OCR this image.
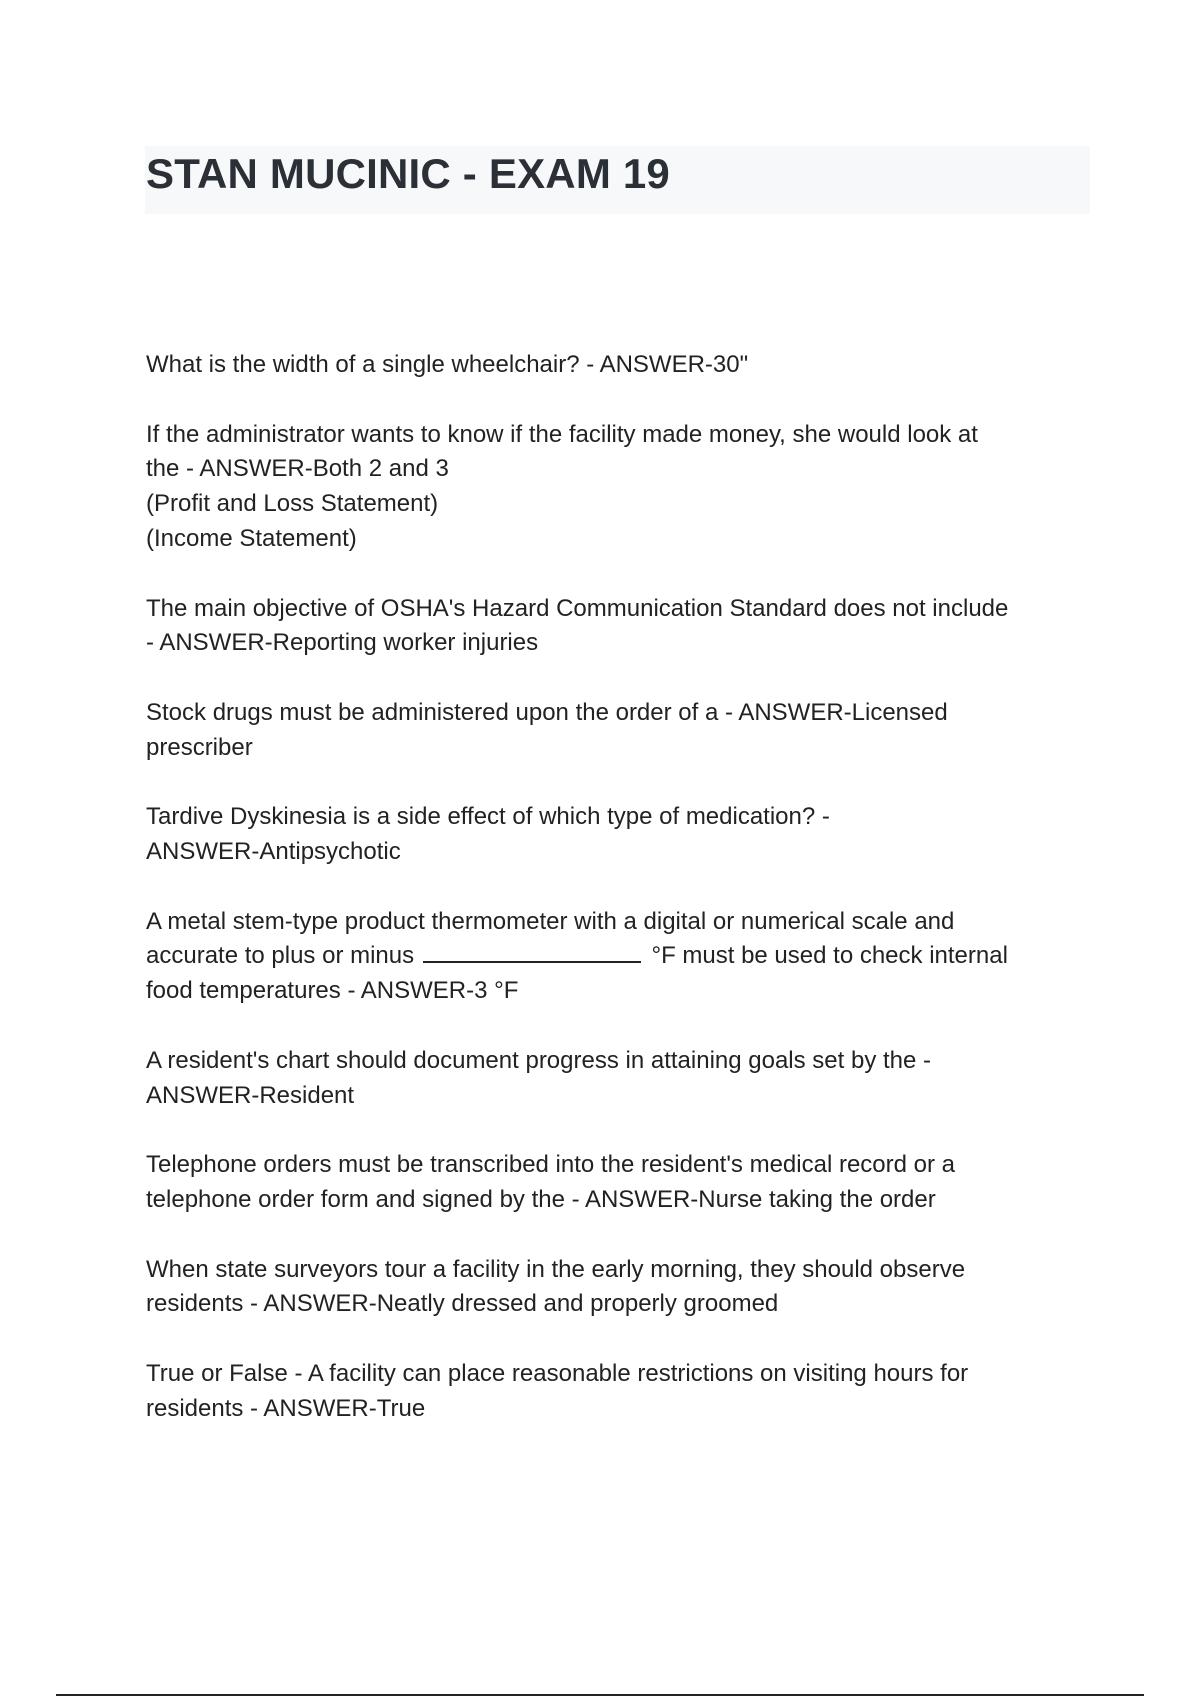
STAN MUCINIC - EXAM 19
What is the width of a single wheelchair? - ANSWER-30"
If the administrator wants to know if the facility made money, she would look at
the - ANSWER-Both 2 and 3
(Profit and Loss Statement)
(Income Statement)
The main objective of OSHA's Hazard Communication Standard does not include
- ANSWER-Reporting worker injuries
Stock drugs must be administered upon the order of a - ANSWER-Licensed
prescriber
Tardive Dyskinesia is a side effect of which type of medication? -
ANSWER-Antipsychotic
A metal stem-type product thermometer with a digital or numerical scale and
accurate to plus or minus	°F must be used to check internal
food temperatures - ANSWER-3 °F
A resident's chart should document progress in attaining goals set by the -
ANSWER-Resident
Telephone orders must be transcribed into the resident's medical record or a
telephone order form and signed by the - ANSWER-Nurse taking the order
When state surveyors tour a facility in the early morning, they should observe
residents - ANSWER-Neatly dressed and properly groomed
True or False - A facility can place reasonable restrictions on visiting hours for
residents - ANSWER-True
